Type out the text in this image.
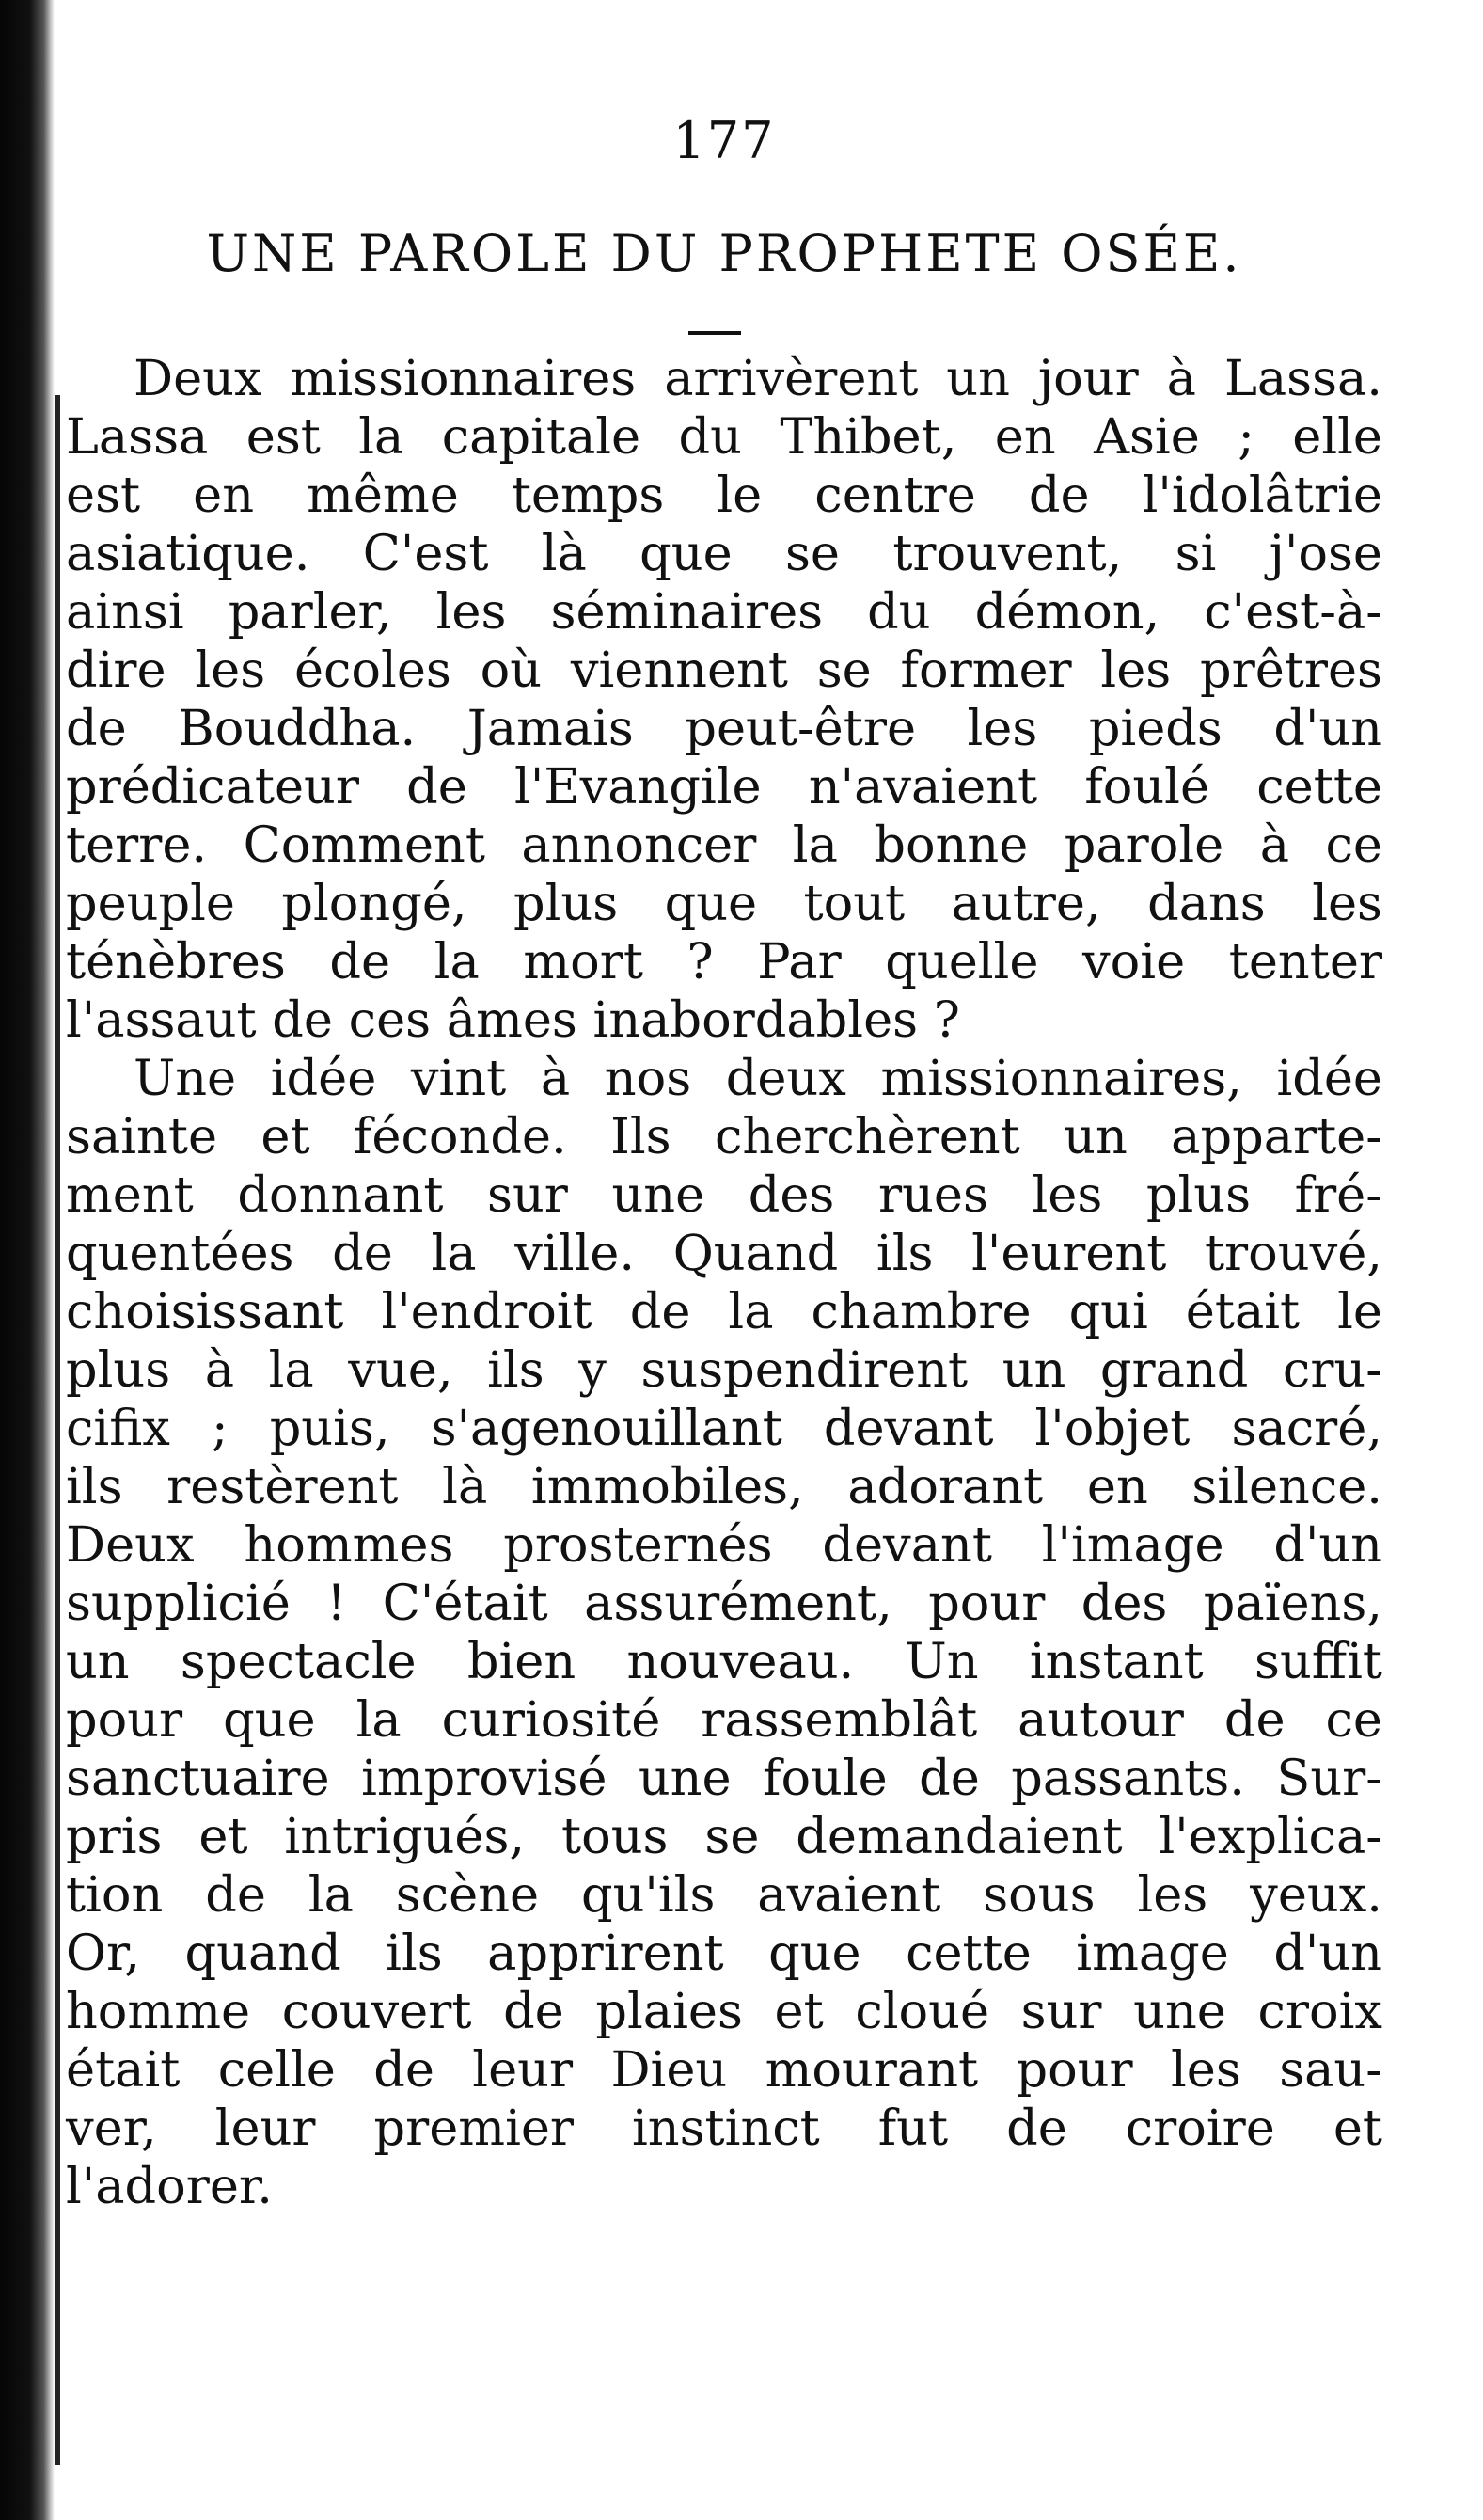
177
UNE PAROLE DU PROPHETE OSÉE.
Deux missionnaires arrivèrent un jour à Lassa.
Lassa est la capitale du Thibet, en Asie ; elle
est en même temps le centre de l'idolâtrie
asiatique. C'est là que se trouvent, si j'ose
ainsi parler, les séminaires du démon, c'est-à-
dire les écoles où viennent se former les prêtres
de Bouddha. Jamais peut-être les pieds d'un
prédicateur de l'Evangile n'avaient foulé cette
terre. Comment annoncer la bonne parole à ce
peuple plongé, plus que tout autre, dans les
ténèbres de la mort ? Par quelle voie tenter
l'assaut de ces âmes inabordables ?
Une idée vint à nos deux missionnaires, idée
sainte et féconde. Ils cherchèrent un apparte-
ment donnant sur une des rues les plus fré-
quentées de la ville. Quand ils l'eurent trouvé,
choisissant l'endroit de la chambre qui était le
plus à la vue, ils y suspendirent un grand cru-
cifix ; puis, s'agenouillant devant l'objet sacré,
ils restèrent là immobiles, adorant en silence.
Deux hommes prosternés devant l'image d'un
supplicié ! C'était assurément, pour des païens,
un spectacle bien nouveau. Un instant suffit
pour que la curiosité rassemblât autour de ce
sanctuaire improvisé une foule de passants. Sur-
pris et intrigués, tous se demandaient l'explica-
tion de la scène qu'ils avaient sous les yeux.
Or, quand ils apprirent que cette image d'un
homme couvert de plaies et cloué sur une croix
était celle de leur Dieu mourant pour les sau-
ver, leur premier instinct fut de croire et
l'adorer.
